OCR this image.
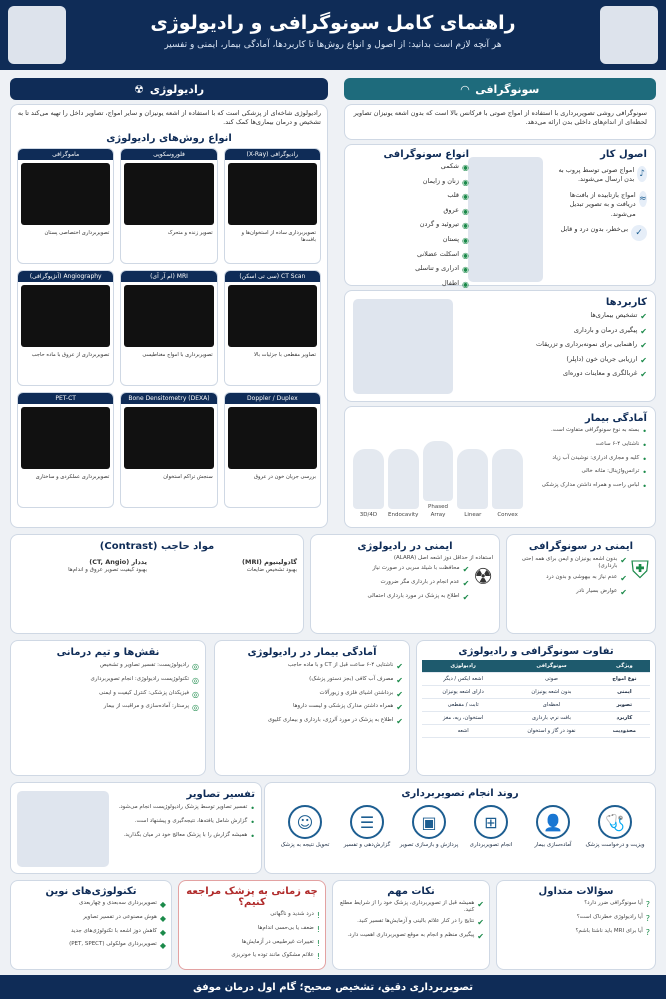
راهنمای کامل سونوگرافی و رادیولوژی

هر آنچه لازم است بدانید: از اصول و انواع روش‌ها تا کاربردها، آمادگی بیمار، ایمنی و تفسیر

سونوگرافی
◠
سونوگرافی روشی تصویربرداری با استفاده از امواج صوتی با فرکانس بالا است که بدون اشعه یونیزان تصاویر لحظه‌ای از اندام‌های داخلی بدن ارائه می‌دهد.
اصول کار
♪
امواج صوتی توسط پروب به بدن ارسال می‌شوند.
≈
امواج بازتابیده از بافت‌ها دریافت و به تصویر تبدیل می‌شوند.
✓
بی‌خطر، بدون درد و قابل
انواع سونوگرافی
◉
شکمی
◉
زنان و زایمان
◉
قلب
◉
عروق
◉
تیروئید و گردن
◉
پستان
◉
اسکلت عضلانی
◉
ادراری و تناسلی
◉
اطفال
کاربردها
✔
تشخیص بیماری‌ها
✔
پیگیری درمان و بارداری
✔
راهنمایی برای نمونه‌برداری و تزریقات
✔
ارزیابی جریان خون (داپلر)
✔
غربالگری و معاینات دوره‌ای
آمادگی بیمار
•
بسته به نوع سونوگرافی متفاوت است.
•
ناشتایی ۴-۶ ساعت
•
کلیه و مجاری ادراری: نوشیدن آب زیاد
•
ترانس‌واژینال: مثانه خالی
•
لباس راحت و همراه داشتن مدارک پزشکی
Convex
Linear
Phased Array
Endocavity
3D/4D
رادیولوژی
☢
رادیولوژی شاخه‌ای از پزشکی است که با استفاده از اشعه یونیزان و سایر امواج، تصاویر داخل را تهیه می‌کند تا به تشخیص و درمان بیماری‌ها کمک کند.
انواع روش‌های رادیولوژی
رادیوگرافی (X-Ray)
تصویربرداری ساده از استخوان‌ها و بافت‌ها
فلوروسکوپی
تصویر زنده و متحرک
ماموگرافی
تصویربرداری اختصاصی پستان
CT Scan (سی تی اسکن)
تصاویر مقطعی با جزئیات بالا
MRI (ام آر آی)
تصویربرداری با امواج مغناطیسی
Angiography (آنژیوگرافی)
تصویربرداری از عروق با ماده حاجب
Doppler / Duplex
بررسی جریان خون در عروق
Bone Densitometry (DEXA)
سنجش تراکم استخوان
PET-CT
تصویربرداری عملکردی و ساختاری
ایمنی در سونوگرافی
⛨
✔
بدون اشعه یونیزان و ایمن برای همه (حتی بارداری)
✔
عدم نیاز به بیهوشی و بدون درد
✔
عوارض بسیار نادر
ایمنی در رادیولوژی
استفاده از حداقل دوز اشعه اصل (ALARA)
☢
✔
محافظت با شیلد سربی در صورت نیاز
✔
عدم انجام در بارداری مگر ضرورت
✔
اطلاع به پزشک در مورد بارداری احتمالی
مواد حاجب (Contrast)
گادولینیوم (MRI)
بهبود تشخیص ضایعات
یددار (CT, Angio)
بهبود کیفیت تصویر عروق و اندام‌ها
تفاوت سونوگرافی و رادیولوژی
ویژگی	سونوگرافی	رادیولوژی
نوع امواج	صوتی	اشعه ایکس / دیگر
ایمنی	بدون اشعه یونیزان	دارای اشعه یونیزان
تصویر	لحظه‌ای	ثابت / مقطعی
کاربرد	بافت نرم، بارداری	استخوان، ریه، مغز
محدودیت	نفوذ در گاز و استخوان	اشعه
آمادگی بیمار در رادیولوژی
✔
ناشتایی ۴-۶ ساعت قبل از CT و با ماده حاجب
✔
مصرف آب کافی (بجز دستور پزشک)
✔
برداشتن اشیای فلزی و زیورآلات
✔
همراه داشتن مدارک پزشکی و لیست داروها
✔
اطلاع به پزشک در مورد آلرژی، بارداری و بیماری کلیوی
نقش‌ها و تیم درمانی
◎
رادیولوژیست: تفسیر تصاویر و تشخیص
◎
تکنولوژیست رادیولوژی: انجام تصویربرداری
◎
فیزیکدان پزشکی: کنترل کیفیت و ایمنی
◎
پرستار: آماده‌سازی و مراقبت از بیمار
روند انجام تصویربرداری
🩺
ویزیت و درخواست پزشک
👤
آماده‌سازی بیمار
⊞
انجام تصویربرداری
▣
پردازش و بازسازی تصویر
☰
گزارش‌دهی و تفسیر
☺
تحویل نتیجه به پزشک
تفسیر تصاویر
•
تفسیر تصاویر توسط پزشک رادیولوژیست انجام می‌شود.
•
گزارش شامل یافته‌ها، نتیجه‌گیری و پیشنهاد است.
•
همیشه گزارش را با پزشک معالج خود در میان بگذارید.
سؤالات متداول
?
آیا سونوگرافی ضرر دارد؟
?
آیا رادیولوژی خطرناک است؟
?
آیا برای MRI باید ناشتا باشم؟
نکات مهم
✔
همیشه قبل از تصویربرداری، پزشک خود را از شرایط مطلع کنید.
✔
نتایج را در کنار علائم بالینی و آزمایش‌ها تفسیر کنید.
✔
پیگیری منظم و انجام به موقع تصویربرداری اهمیت دارد.
چه زمانی به پزشک مراجعه کنیم؟
!
درد شدید و ناگهانی
!
ضعف یا بی‌حسی اندام‌ها
!
تغییرات غیرطبیعی در آزمایش‌ها
!
علائم مشکوک مانند توده یا خونریزی
تکنولوژی‌های نوین
◆
تصویربرداری سه‌بعدی و چهاربعدی
◆
هوش مصنوعی در تفسیر تصاویر
◆
کاهش دوز اشعه با تکنولوژی‌های جدید
◆
تصویربرداری مولکولی (PET, SPECT)
تصویربرداری دقیق، تشخیص صحیح؛ گام اول درمان موفق
